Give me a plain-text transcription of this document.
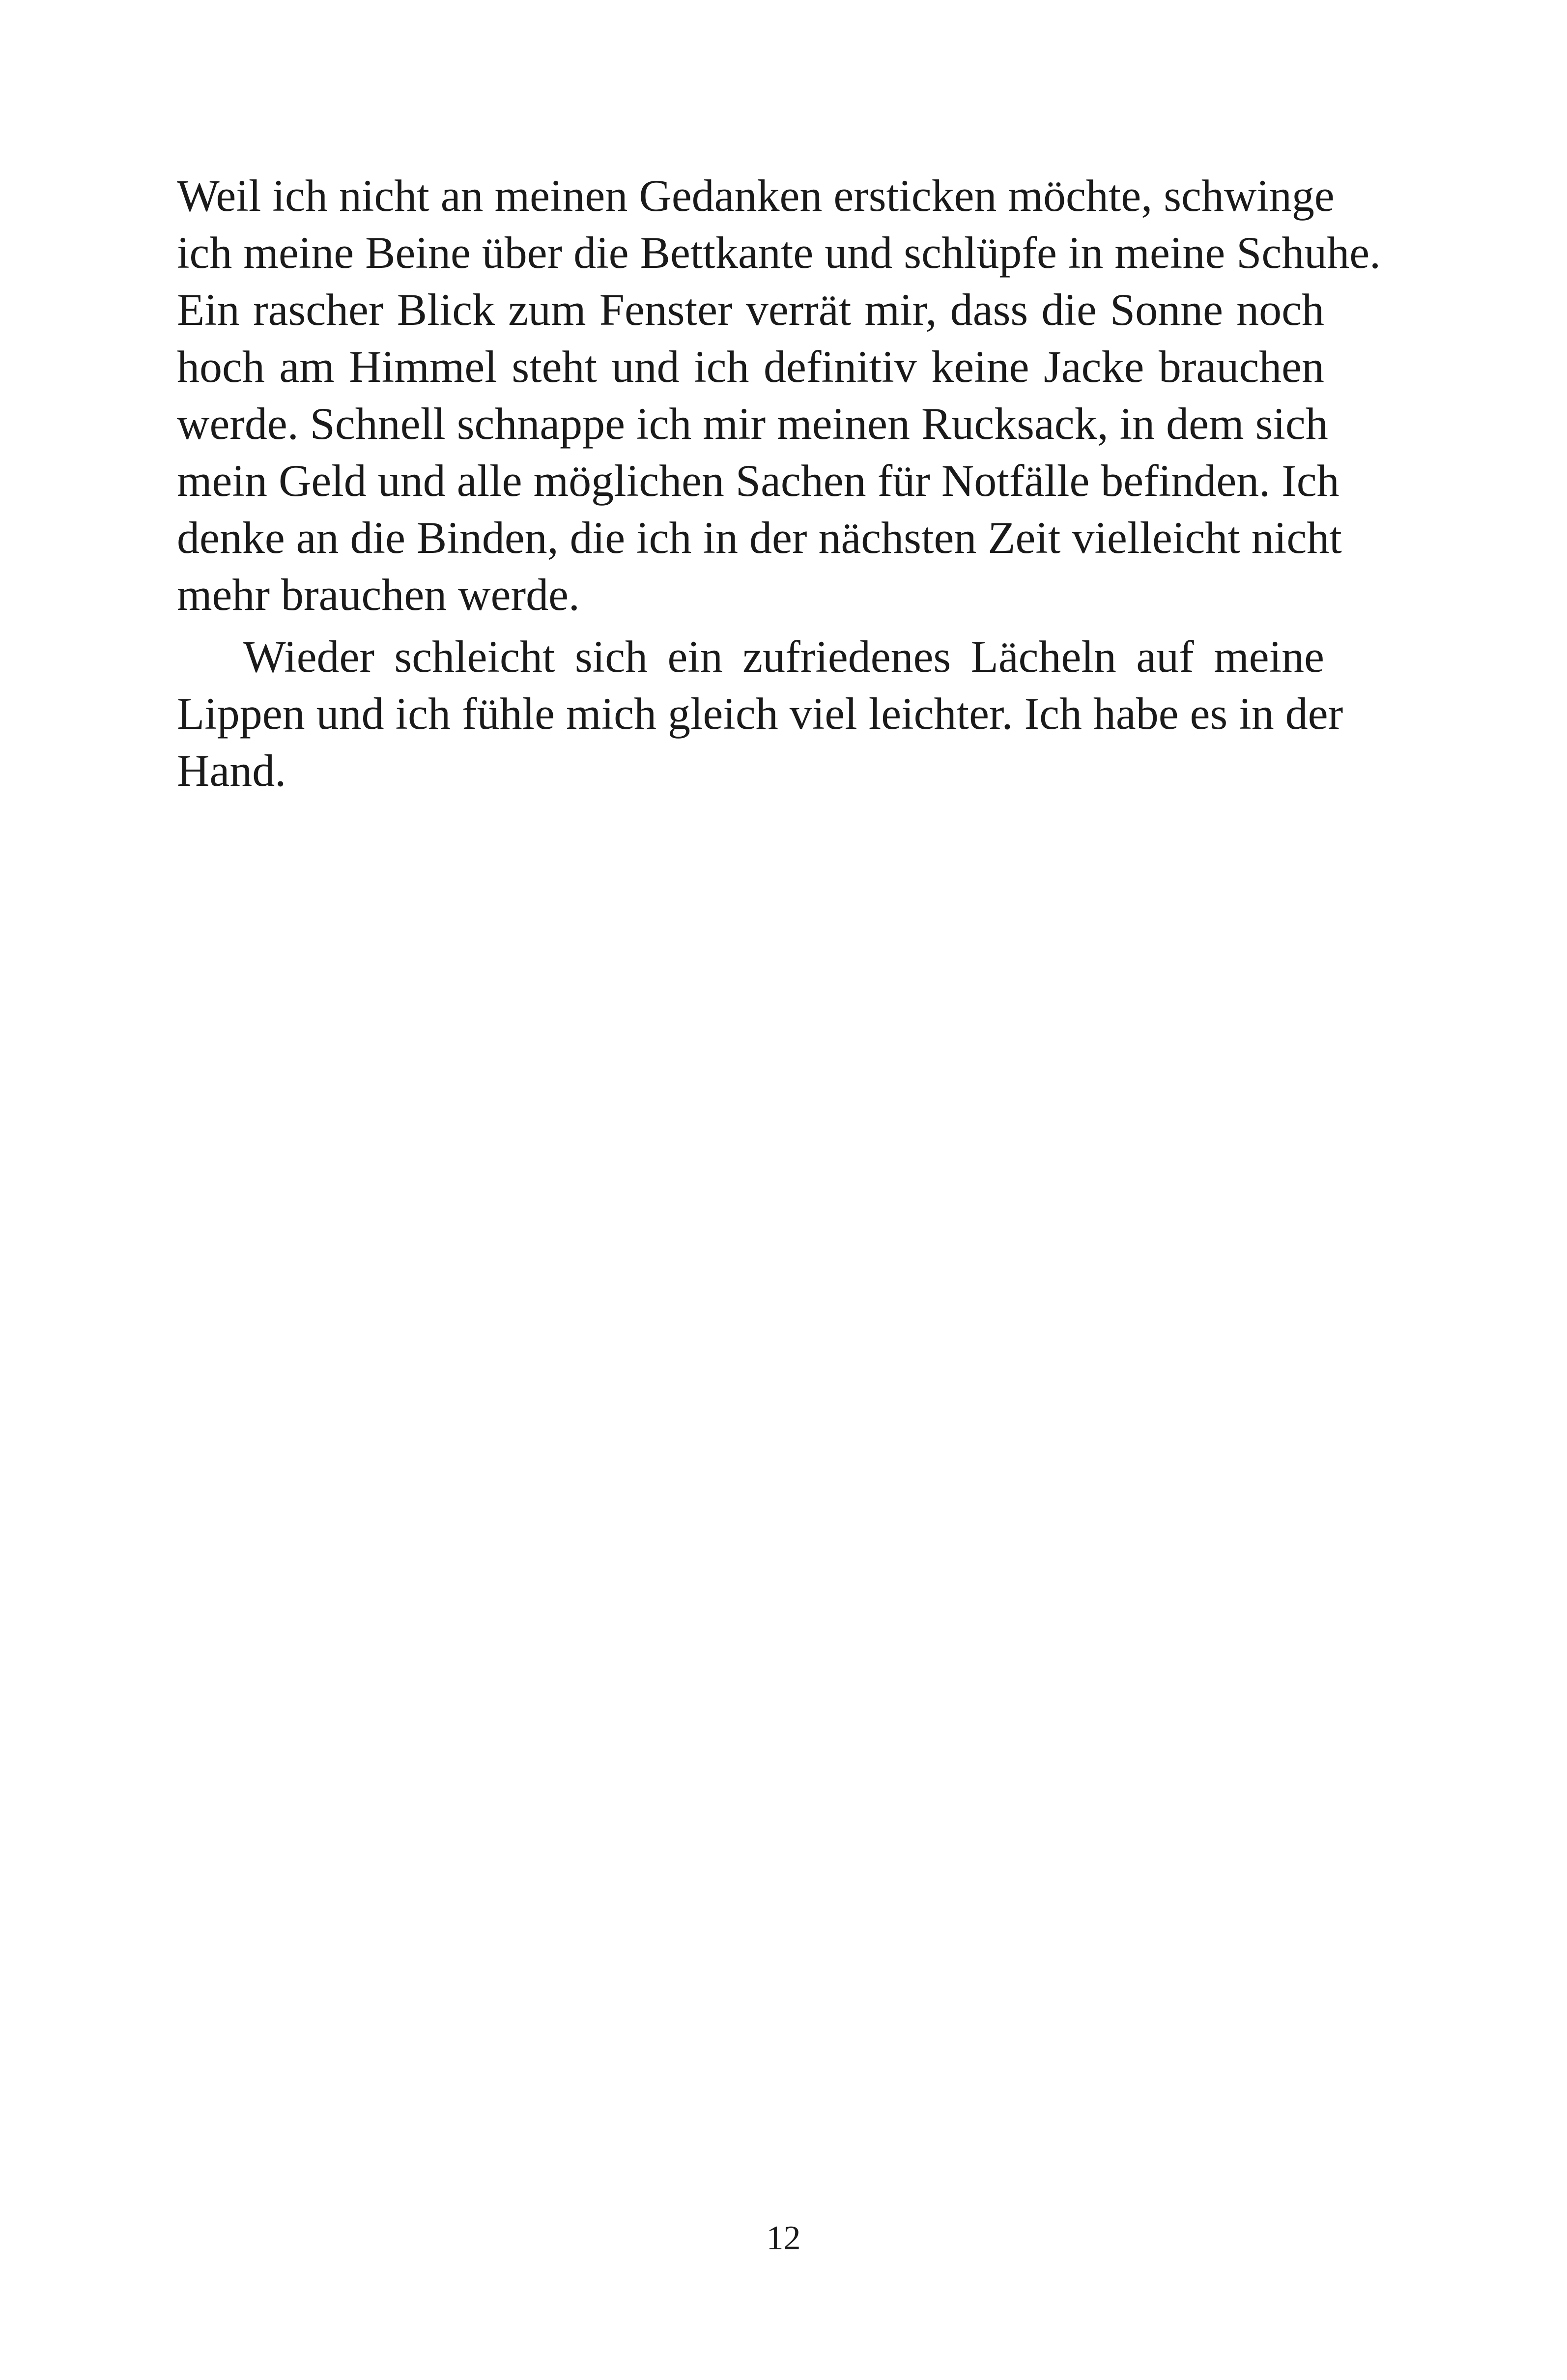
Weil ich nicht an meinen Gedanken ersticken möchte, schwinge
ich meine Beine über die Bettkante und schlüpfe in meine Schuhe.
Ein rascher Blick zum Fenster verrät mir, dass die Sonne noch
hoch am Himmel steht und ich definitiv keine Jacke brauchen
werde. Schnell schnappe ich mir meinen Rucksack, in dem sich
mein Geld und alle möglichen Sachen für Notfälle befinden. Ich
denke an die Binden, die ich in der nächsten Zeit vielleicht nicht
mehr brauchen werde.
Wieder schleicht sich ein zufriedenes Lächeln auf meine
Lippen und ich fühle mich gleich viel leichter. Ich habe es in der
Hand.
12
